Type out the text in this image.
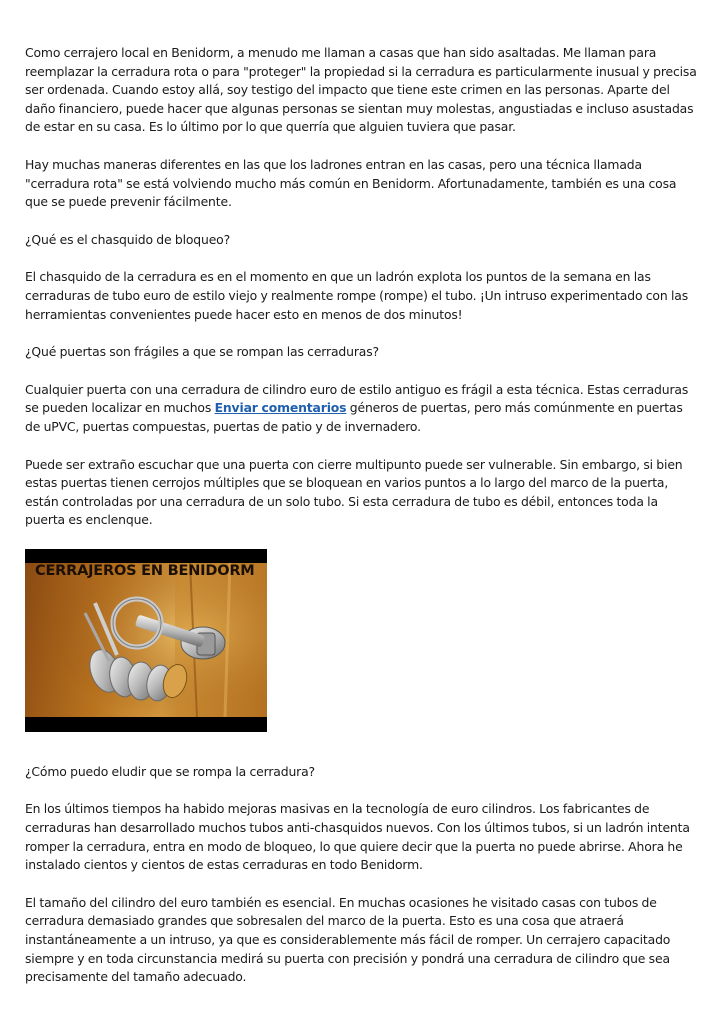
Como cerrajero local en Benidorm, a menudo me llaman a casas que han sido asaltadas. Me llaman para reemplazar la cerradura rota o para "proteger" la propiedad si la cerradura es particularmente inusual y precisa ser ordenada. Cuando estoy allá, soy testigo del impacto que tiene este crimen en las personas. Aparte del daño financiero, puede hacer que algunas personas se sientan muy molestas, angustiadas e incluso asustadas de estar en su casa. Es lo último por lo que querría que alguien tuviera que pasar.

Hay muchas maneras diferentes en las que los ladrones entran en las casas, pero una técnica llamada "cerradura rota" se está volviendo mucho más común en Benidorm. Afortunadamente, también es una cosa que se puede prevenir fácilmente.

¿Qué es el chasquido de bloqueo?

El chasquido de la cerradura es en el momento en que un ladrón explota los puntos de la semana en las cerraduras de tubo euro de estilo viejo y realmente rompe (rompe) el tubo. ¡Un intruso experimentado con las herramientas convenientes puede hacer esto en menos de dos minutos!

¿Qué puertas son frágiles a que se rompan las cerraduras?

Cualquier puerta con una cerradura de cilindro euro de estilo antiguo es frágil a esta técnica. Estas cerraduras se pueden localizar en muchos Enviar comentarios géneros de puertas, pero más comúnmente en puertas de uPVC, puertas compuestas, puertas de patio y de invernadero.

Puede ser extraño escuchar que una puerta con cierre multipunto puede ser vulnerable. Sin embargo, si bien estas puertas tienen cerrojos múltiples que se bloquean en varios puntos a lo largo del marco de la puerta, están controladas por una cerradura de un solo tubo. Si esta cerradura de tubo es débil, entonces toda la puerta es enclenque.

CERRAJEROS EN BENIDORM

¿Cómo puedo eludir que se rompa la cerradura?

En los últimos tiempos ha habido mejoras masivas en la tecnología de euro cilindros. Los fabricantes de cerraduras han desarrollado muchos tubos anti-chasquidos nuevos. Con los últimos tubos, si un ladrón intenta romper la cerradura, entra en modo de bloqueo, lo que quiere decir que la puerta no puede abrirse. Ahora he instalado cientos y cientos de estas cerraduras en todo Benidorm.

El tamaño del cilindro del euro también es esencial. En muchas ocasiones he visitado casas con tubos de cerradura demasiado grandes que sobresalen del marco de la puerta. Esto es una cosa que atraerá instantáneamente a un intruso, ya que es considerablemente más fácil de romper. Un cerrajero capacitado siempre y en toda circunstancia medirá su puerta con precisión y pondrá una cerradura de cilindro que sea precisamente del tamaño adecuado.
